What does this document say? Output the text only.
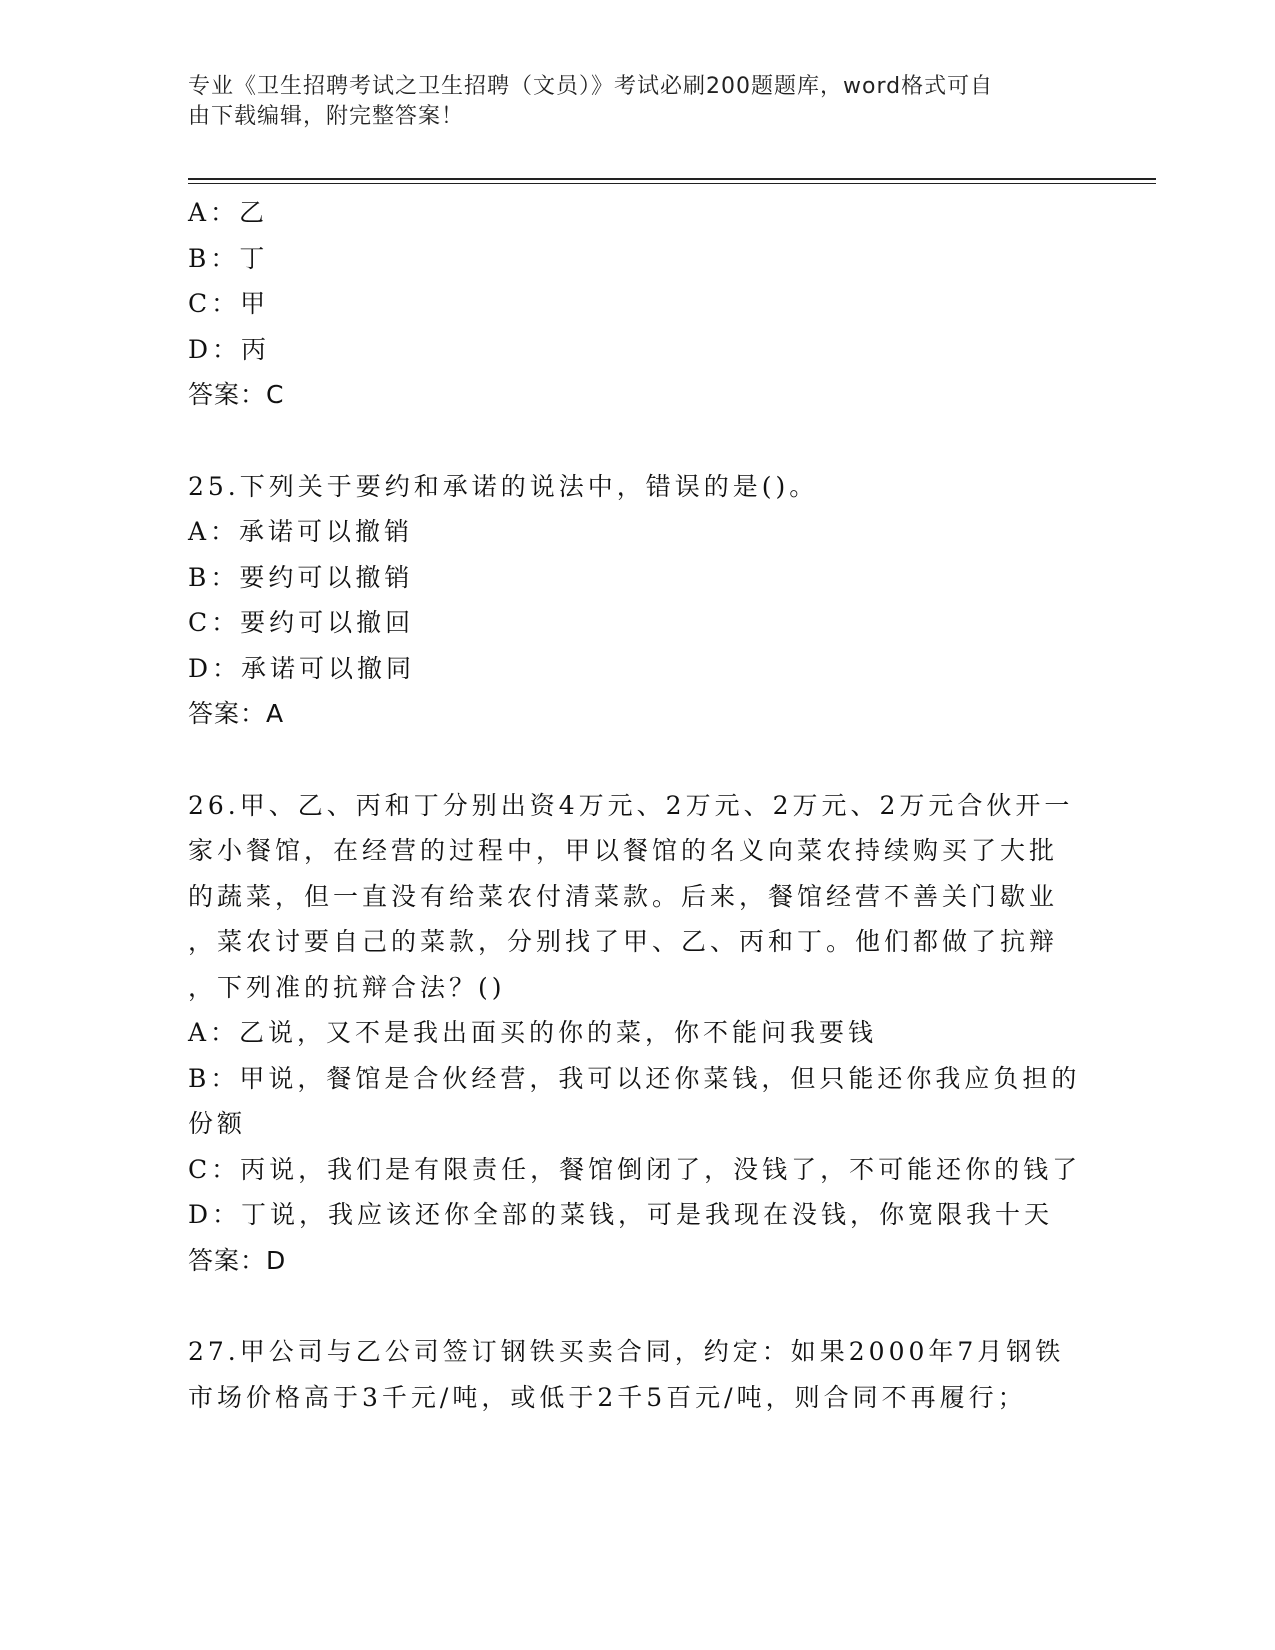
专业《卫生招聘考试之卫生招聘（文员）》考试必刷200题题库，word格式可自
由下载编辑，附完整答案！
A：乙
B：丁
C：甲
D：丙
答案：C
25.下列关于要约和承诺的说法中，错误的是()。
A：承诺可以撤销
B：要约可以撤销
C：要约可以撤回
D：承诺可以撤同
答案：A
26.甲、乙、丙和丁分别出资4万元、2万元、2万元、2万元合伙开一
家小餐馆，在经营的过程中，甲以餐馆的名义向菜农持续购买了大批
的蔬菜，但一直没有给菜农付清菜款。后来，餐馆经营不善关门歇业
，菜农讨要自己的菜款，分别找了甲、乙、丙和丁。他们都做了抗辩
，下列准的抗辩合法？()
A：乙说，又不是我出面买的你的菜，你不能问我要钱
B：甲说，餐馆是合伙经营，我可以还你菜钱，但只能还你我应负担的
份额
C：丙说，我们是有限责任，餐馆倒闭了，没钱了，不可能还你的钱了
D：丁说，我应该还你全部的菜钱，可是我现在没钱，你宽限我十天
答案：D
27.甲公司与乙公司签订钢铁买卖合同，约定：如果2000年7月钢铁
市场价格高于3千元/吨，或低于2千5百元/吨，则合同不再履行；
